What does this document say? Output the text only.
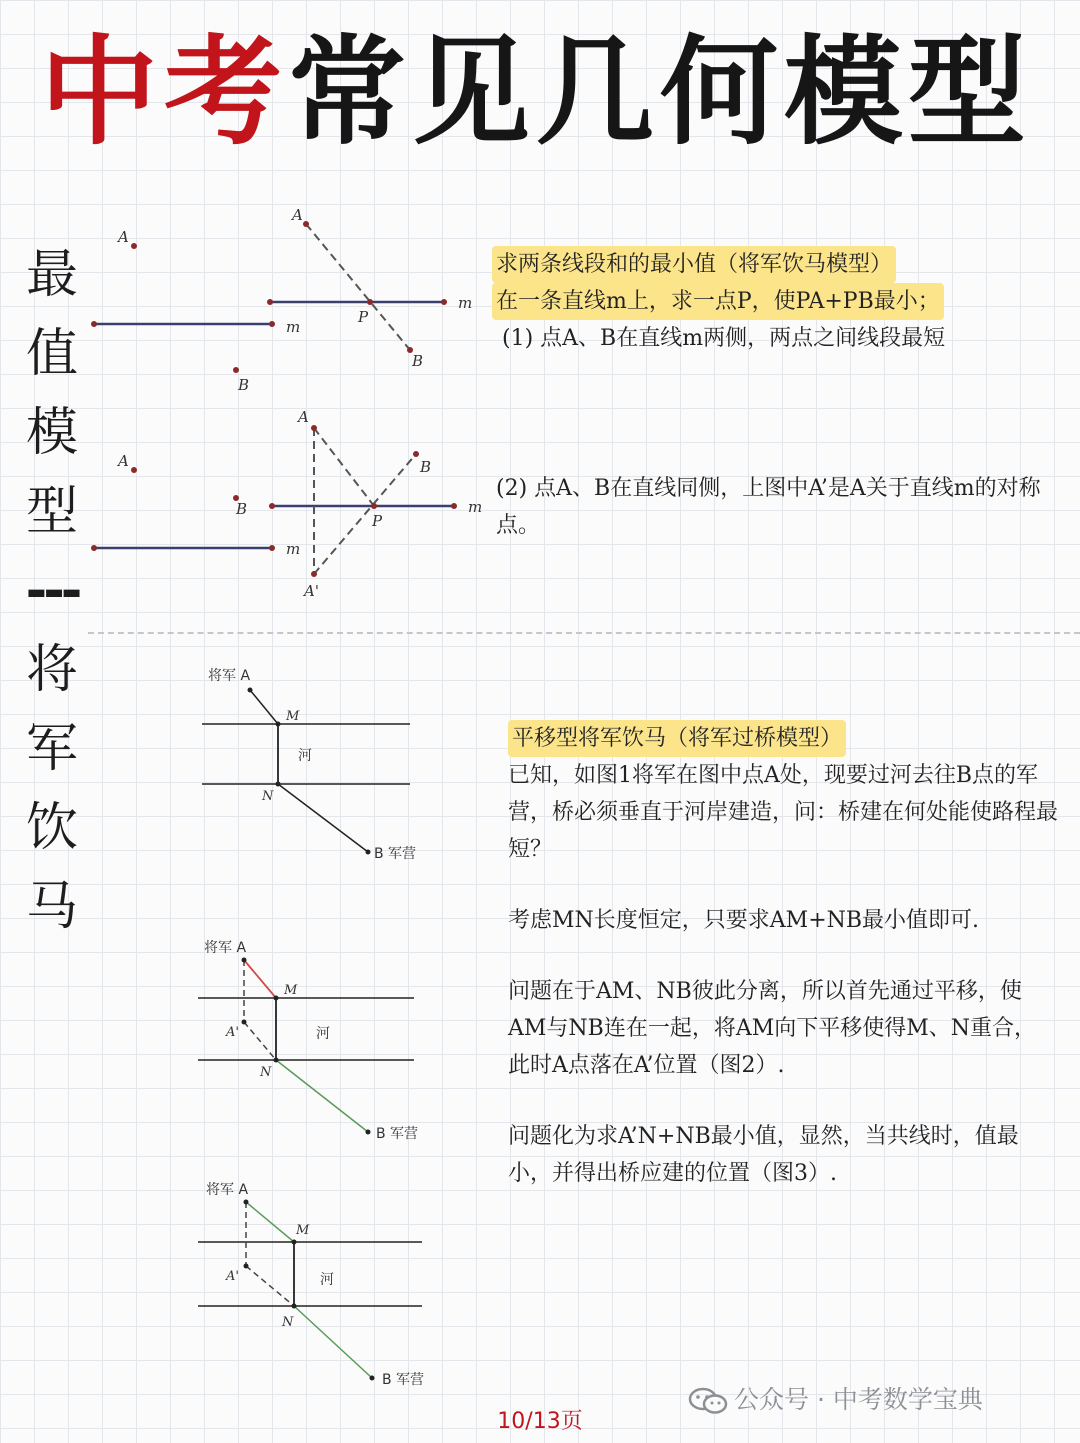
中考常见几何模型
最
值
模
型
---
将
军
饮
马
A
m
B
m
A
P
B
A
B
m
m
A
B
P
A'
求两条线段和的最小值（将军饮马模型）
在一条直线m上，求一点P，使PA+PB最小；
(1) 点A、B在直线m两侧，两点之间线段最短
(2) 点A、B在直线同侧，上图中A’是A关于直线m的对称点。
将军 A
M
N
河
B 军营
将军 A
M
A'
N
河
B 军营
将军 A
M
A'
N
河
B 军营
平移型将军饮马（将军过桥模型）

已知，如图1将军在图中点A处，现要过河去往B点的军营，桥必须垂直于河岸建造，问：桥建在何处能使路程最短？

考虑MN长度恒定，只要求AM+NB最小值即可.

问题在于AM、NB彼此分离，所以首先通过平移，使AM与NB连在一起，将AM向下平移使得M、N重合，此时A点落在A’位置（图2）.

问题化为求A’N+NB最小值，显然，当共线时，值最小，并得出桥应建的位置（图3）.

公众号 · 中考数学宝典
10/13页
